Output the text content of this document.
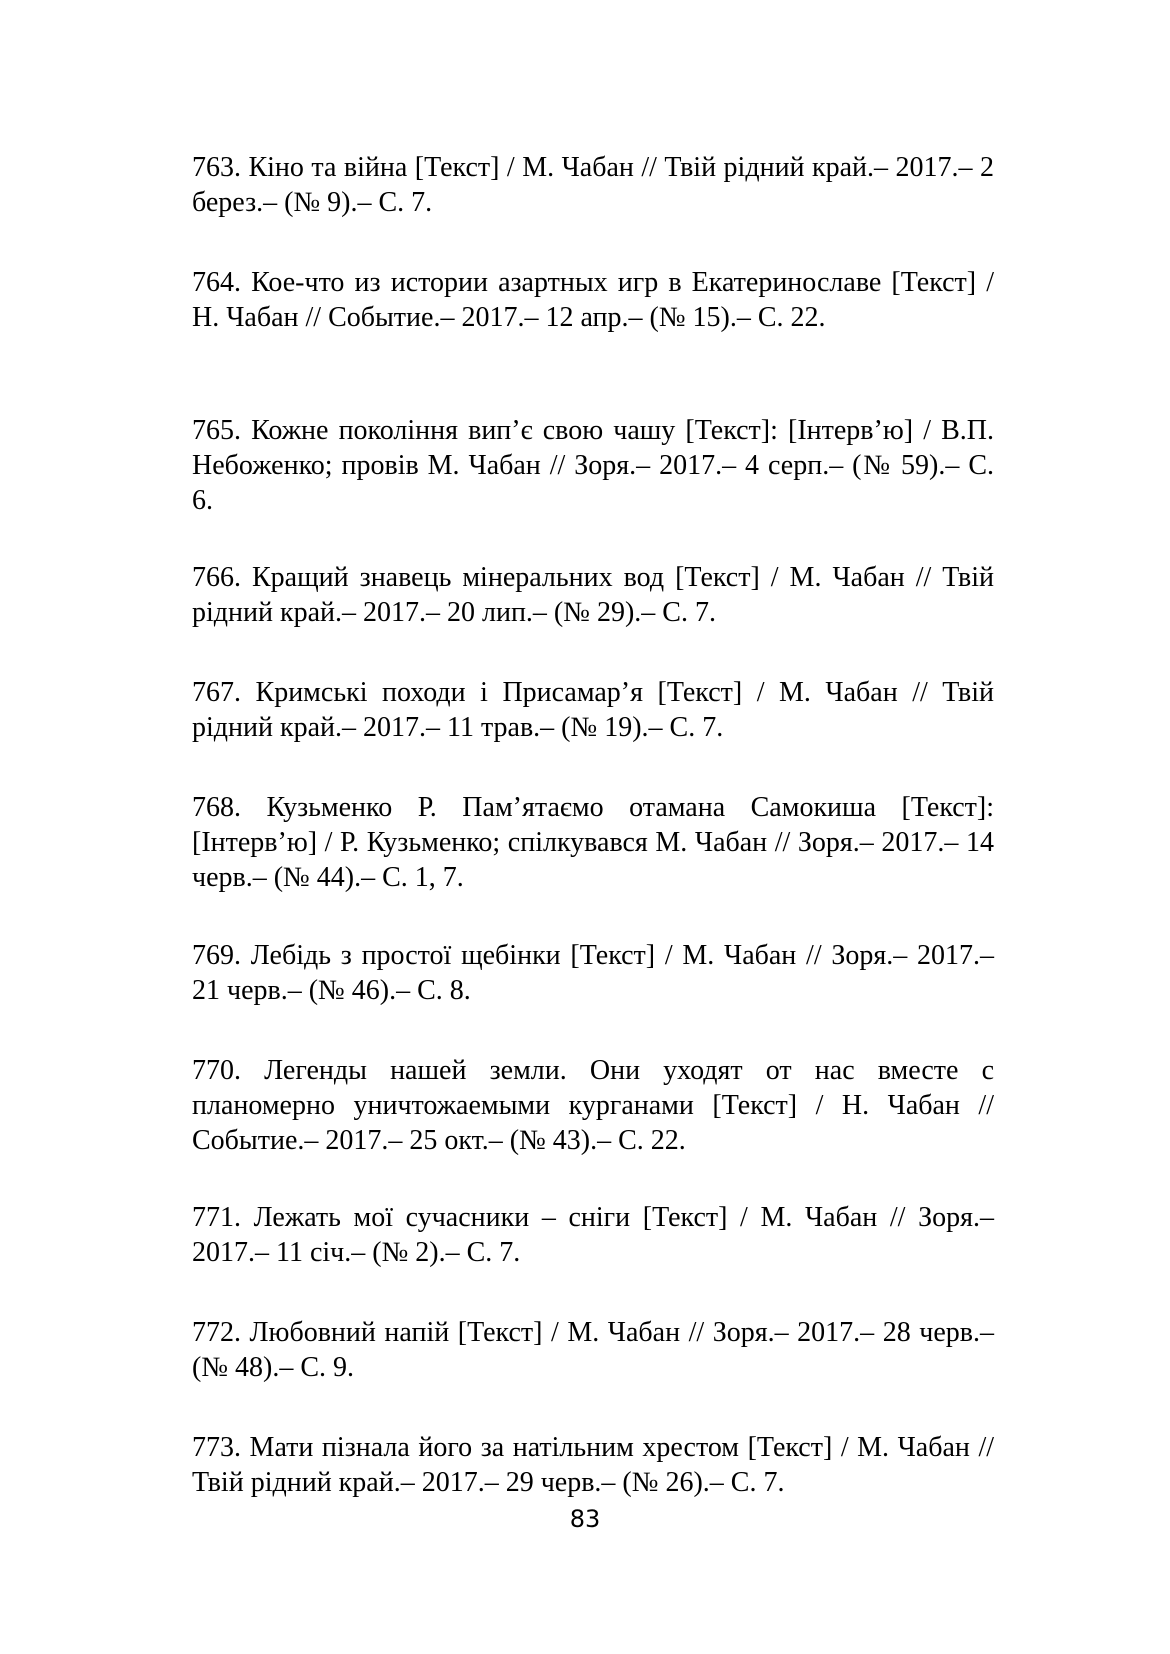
763. Кіно та війна [Текст] / М. Чабан // Твій рідний край.– 2017.– 2 берез.– (№ 9).– С. 7.

764. Кое-что из истории азартных игр в Екатеринославе [Текст] / Н. Чабан // Событие.– 2017.– 12 апр.– (№ 15).– С. 22.

765. Кожне покоління вип’є свою чашу [Текст]: [Інтерв’ю] / В.П. Небоженко; провів М. Чабан // Зоря.– 2017.– 4 серп.– (№ 59).– С. 6.

766. Кращий знавець мінеральних вод [Текст] / М. Чабан // Твій рідний край.– 2017.– 20 лип.– (№ 29).– С. 7.

767. Кримські походи і Присамар’я [Текст] / М. Чабан // Твій рідний край.– 2017.– 11 трав.– (№ 19).– С. 7.

768. Кузьменко Р. Пам’ятаємо отамана Самокиша [Текст]: [Інтерв’ю] / Р. Кузьменко; спілкувався М. Чабан // Зоря.– 2017.– 14 черв.– (№ 44).– С. 1, 7.

769. Лебідь з простої щебінки [Текст] / М. Чабан // Зоря.– 2017.– 21 черв.– (№ 46).– С. 8.

770. Легенды нашей земли. Они уходят от нас вместе с планомерно уничтожаемыми курганами [Текст] / Н. Чабан // Событие.– 2017.– 25 окт.– (№ 43).– С. 22.

771. Лежать мої сучасники – сніги [Текст] / М. Чабан // Зоря.– 2017.– 11 січ.– (№ 2).– С. 7.

772. Любовний напій [Текст] / М. Чабан // Зоря.– 2017.– 28 черв.– (№ 48).– С. 9.

773. Мати пізнала його за натільним хрестом [Текст] / М. Чабан // Твій рідний край.– 2017.– 29 черв.– (№ 26).– С. 7.

83
